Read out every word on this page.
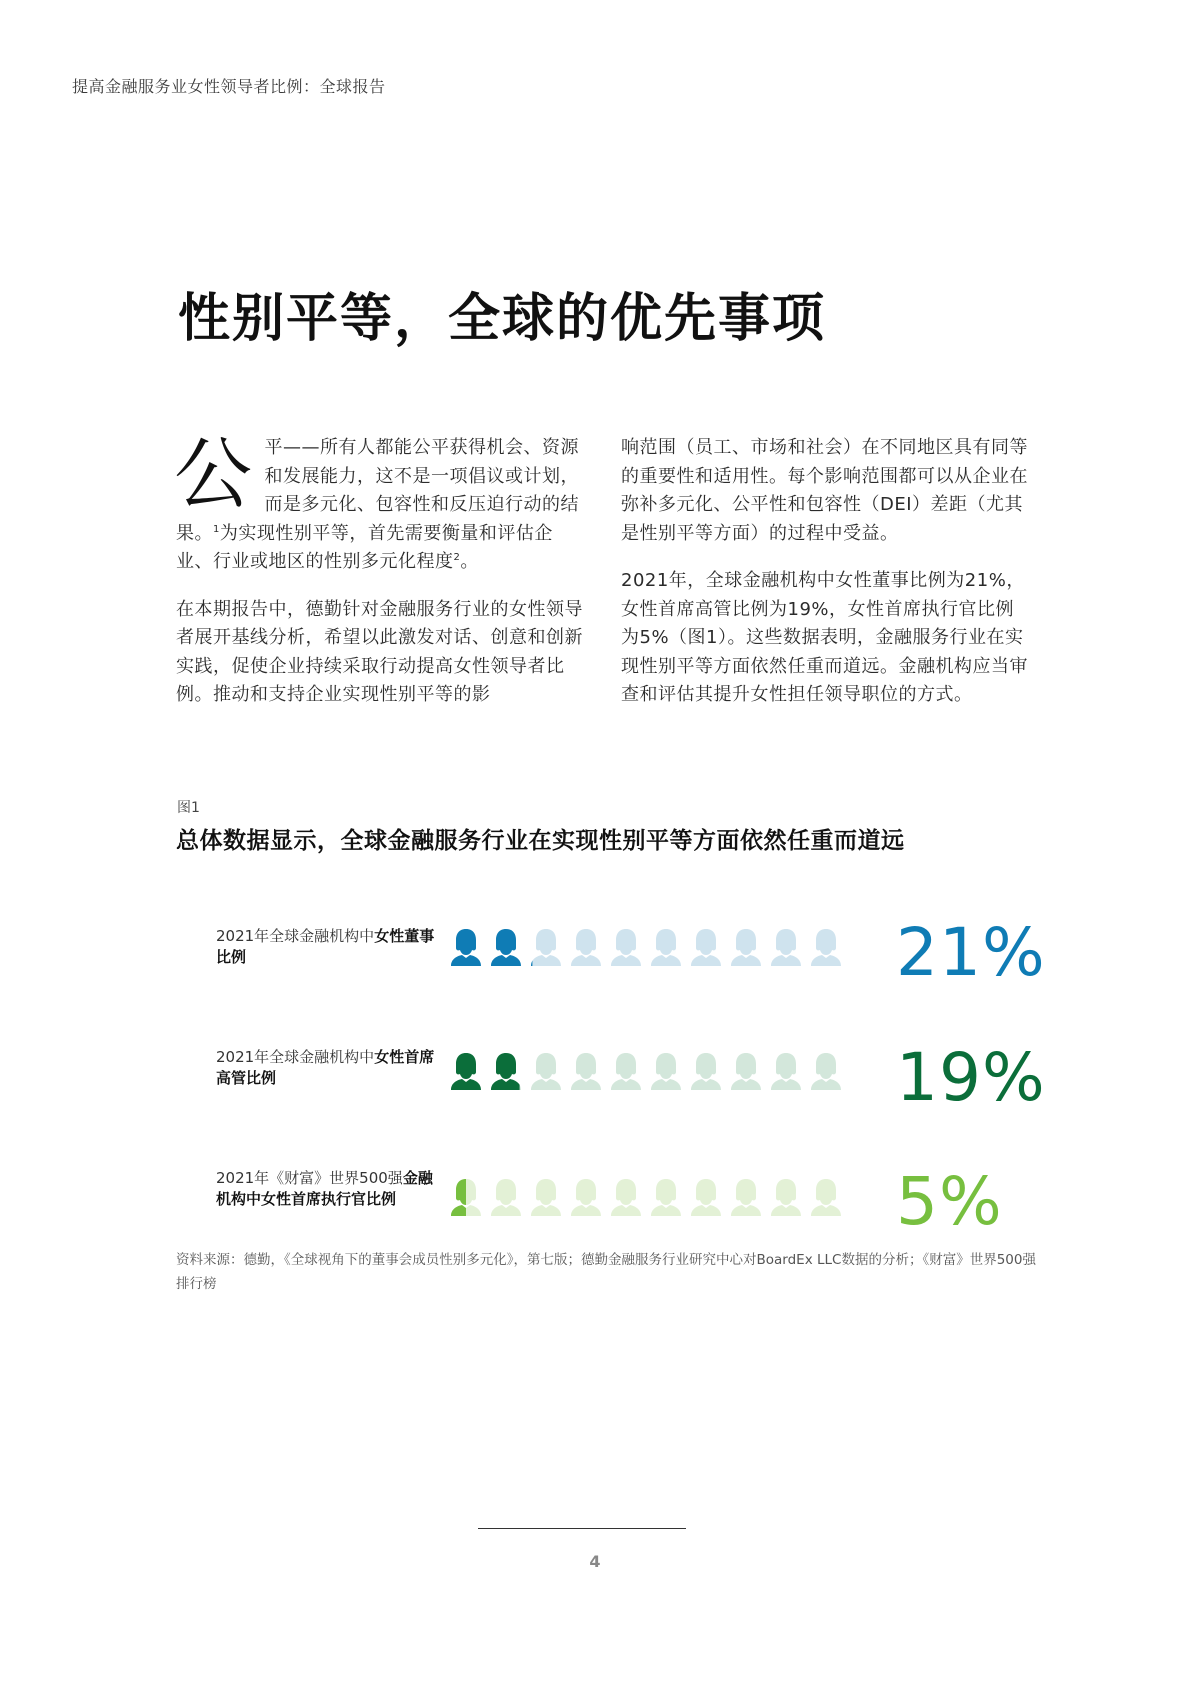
提高金融服务业女性领导者比例：全球报告
性别平等，全球的优先事项

公 平——所有人都能公平获得机会、资源和发展能力，这不是一项倡议或计划，而是多元化、包容性和反压迫行动的结果。$^1$为实现性别平等，首先需要衡量和评估企业、行业或地区的性别多元化程度$^2$。

在本期报告中，德勤针对金融服务行业的女性领导者展开基线分析，希望以此激发对话、创意和创新实践，促使企业持续采取行动提高女性领导者比例。推动和支持企业实现性别平等的影

响范围（员工、市场和社会）在不同地区具有同等的重要性和适用性。每个影响范围都可以从企业在弥补多元化、公平性和包容性（DEI）差距（尤其是性别平等方面）的过程中受益。

2021年，全球金融机构中女性董事比例为21%，女性首席高管比例为19%，女性首席执行官比例为5%（图1）。这些数据表明，金融服务行业在实现性别平等方面依然任重而道远。金融机构应当审查和评估其提升女性担任领导职位的方式。

图1
总体数据显示，全球金融服务行业在实现性别平等方面依然任重而道远
2021年全球金融机构中女性董事比例	21%
2021年全球金融机构中女性首席高管比例	19%
2021年《财富》世界500强金融机构中女性首席执行官比例	5%
资料来源：德勤，《全球视角下的董事会成员性别多元化》，第七版；德勤金融服务行业研究中心对BoardEx LLC数据的分析；《财富》世界500强排行榜
4
